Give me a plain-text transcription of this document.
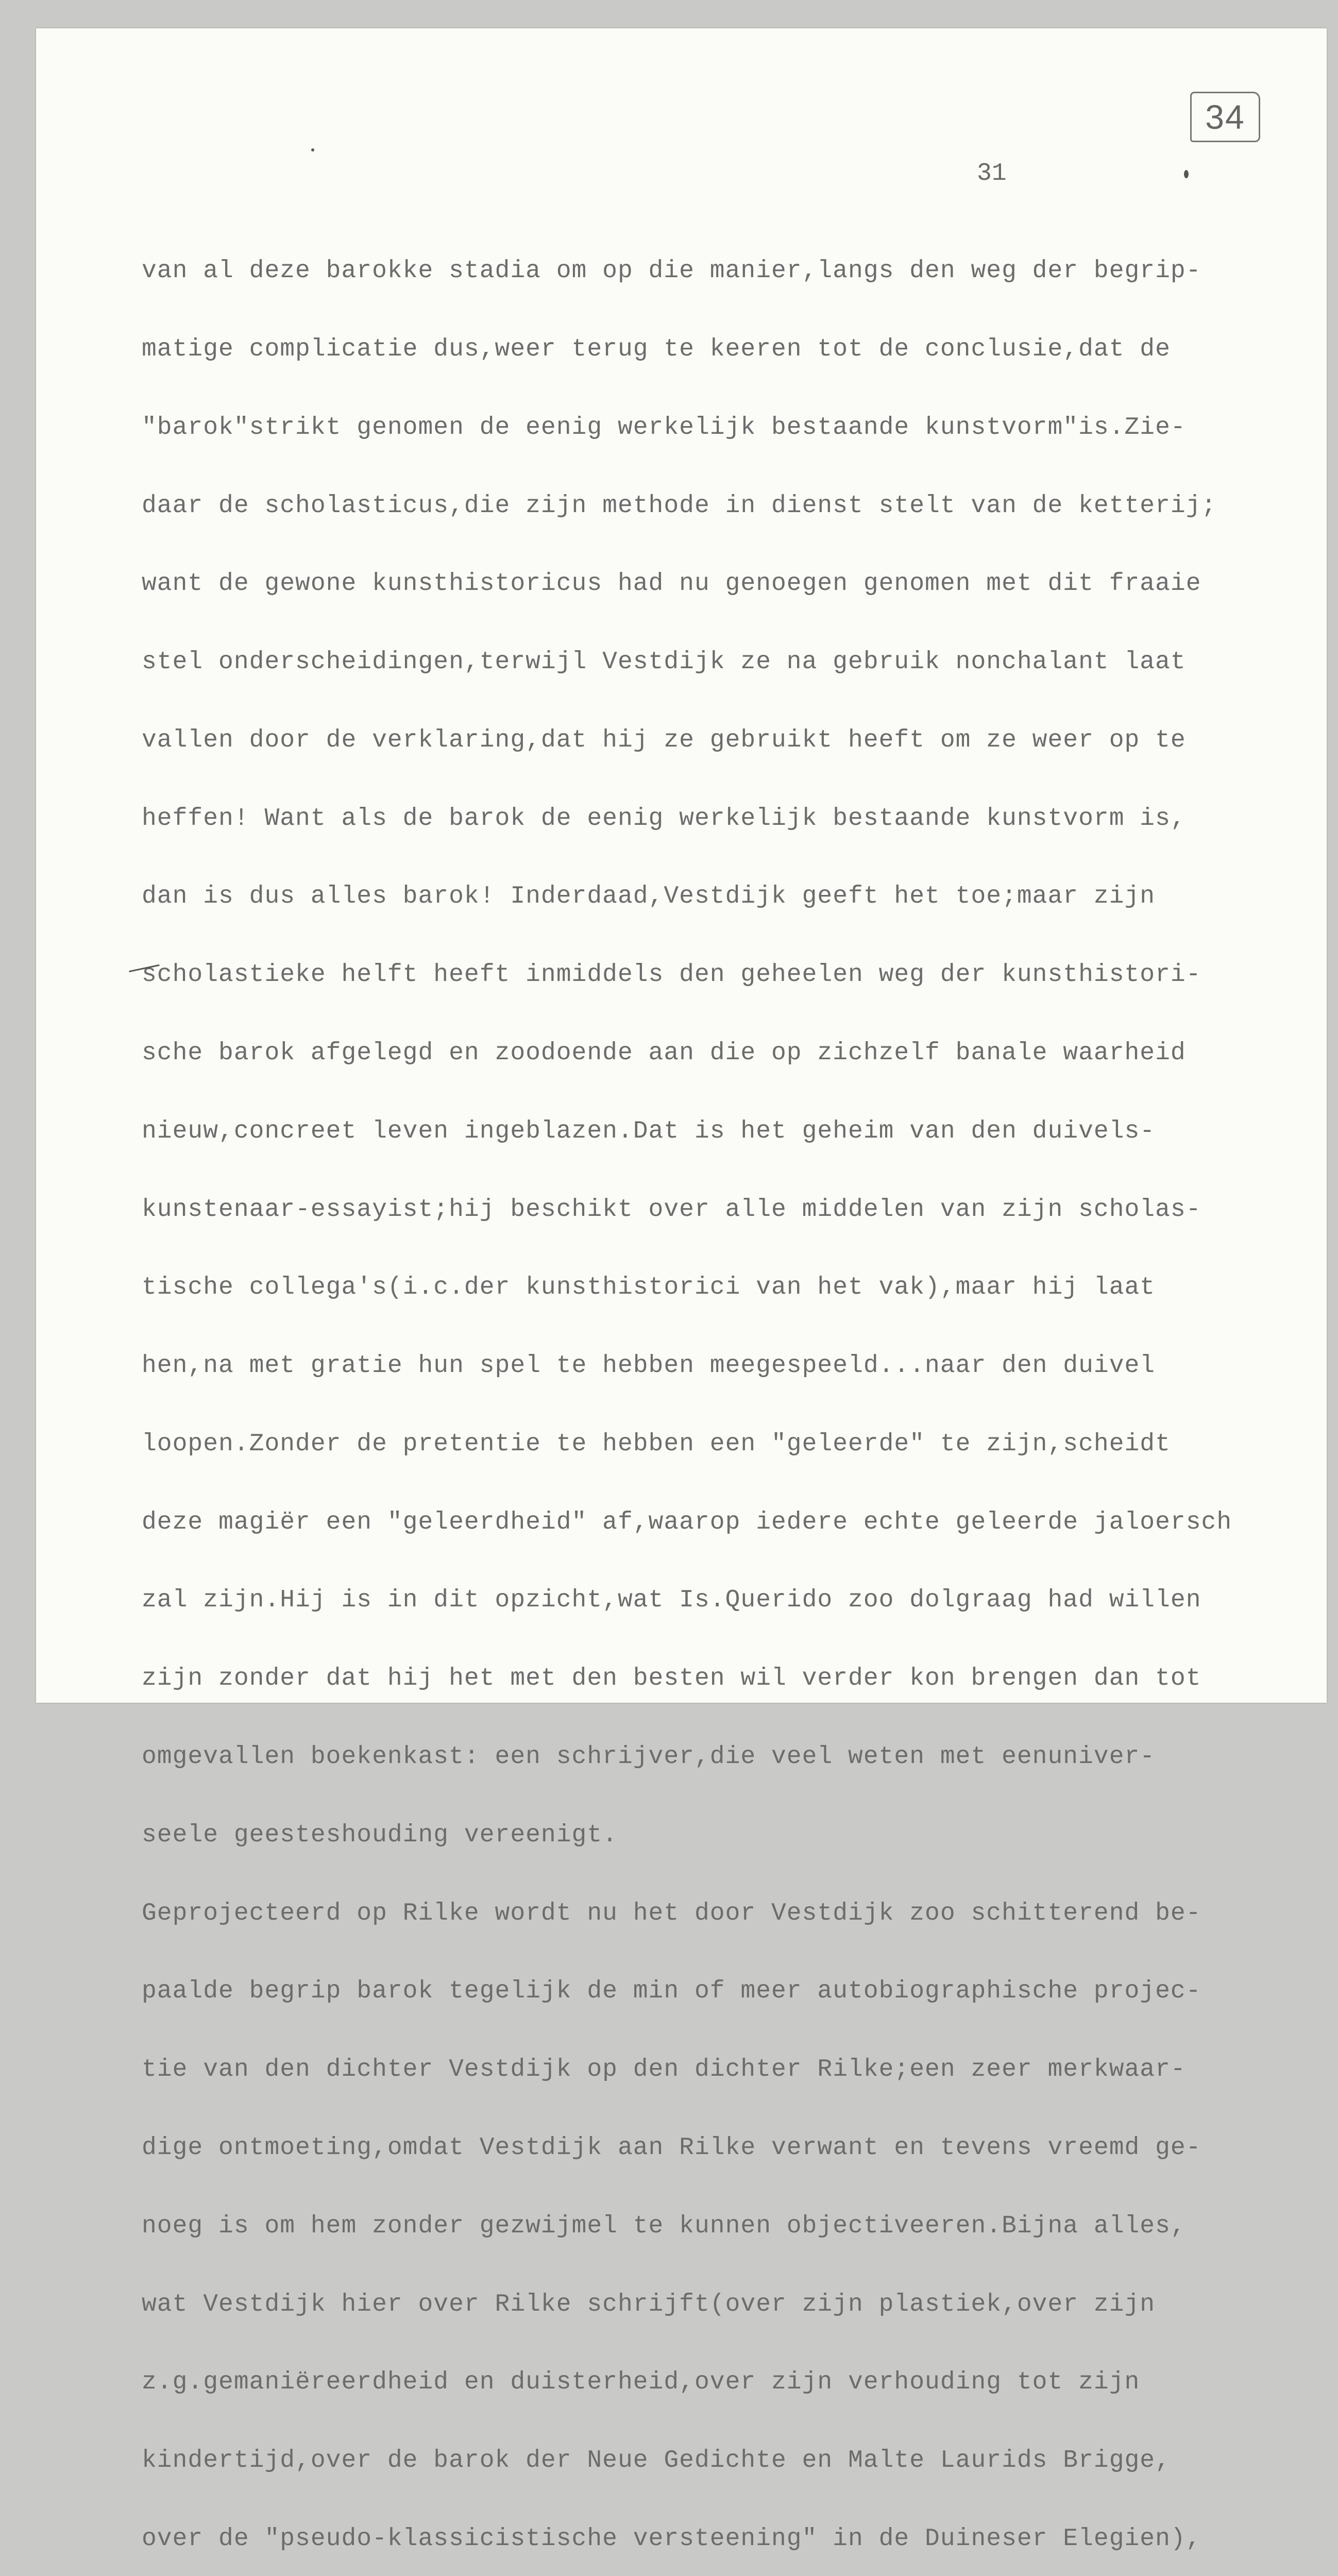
34
31

van al deze barokke stadia om op die manier,langs den weg der begrip-

matige complicatie dus,weer terug te keeren tot de conclusie,dat de

"barok"strikt genomen de eenig werkelijk bestaande kunstvorm"is.Zie-

daar de scholasticus,die zijn methode in dienst stelt van de ketterij;

want de gewone kunsthistoricus had nu genoegen genomen met dit fraaie

stel onderscheidingen,terwijl Vestdijk ze na gebruik nonchalant laat

vallen door de verklaring,dat hij ze gebruikt heeft om ze weer op te

heffen! Want als de barok de eenig werkelijk bestaande kunstvorm is,

dan is dus alles barok! Inderdaad,Vestdijk geeft het toe;maar zijn

scholastieke helft heeft inmiddels den geheelen weg der kunsthistori-

sche barok afgelegd en zoodoende aan die op zichzelf banale waarheid

nieuw,concreet leven ingeblazen.Dat is het geheim van den duivels-

kunstenaar-essayist;hij beschikt over alle middelen van zijn scholas-

tische collega's(i.c.der kunsthistorici van het vak),maar hij laat

hen,na met gratie hun spel te hebben meegespeeld...naar den duivel

loopen.Zonder de pretentie te hebben een "geleerde" te zijn,scheidt

deze magiër een "geleerdheid" af,waarop iedere echte geleerde jaloersch

zal zijn.Hij is in dit opzicht,wat Is.Querido zoo dolgraag had willen

zijn zonder dat hij het met den besten wil verder kon brengen dan tot

omgevallen boekenkast: een schrijver,die veel weten met eenuniver-

seele geesteshouding vereenigt.

Geprojecteerd op Rilke wordt nu het door Vestdijk zoo schitterend be-

paalde begrip barok tegelijk de min of meer autobiographische projec-

tie van den dichter Vestdijk op den dichter Rilke;een zeer merkwaar-

dige ontmoeting,omdat Vestdijk aan Rilke verwant en tevens vreemd ge-

noeg is om hem zonder gezwijmel te kunnen objectiveeren.Bijna alles,

wat Vestdijk hier over Rilke schrijft(over zijn plastiek,over zijn

z.g.gemaniëreerdheid en duisterheid,over zijn verhouding tot zijn

kindertijd,over de barok der Neue Gedichte en Malte Laurids Brigge,

over de "pseudo-klassicistische versteening" in de Duineser Elegien),
